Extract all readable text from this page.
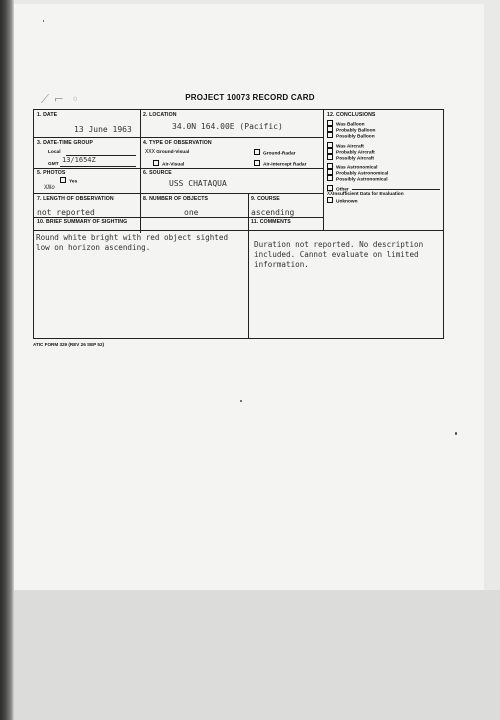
⁄ ⌐ ◦	PROJECT 10073 RECORD CARD
1. DATE
13 June 1963
2. LOCATION
34.0N 164.00E (Pacific)
3. DATE-TIME GROUP
Local
GMT
13/1654Z
4. TYPE OF OBSERVATION
XXX Ground-Visual	Ground-Radar
Air-Visual	Air-Intercept Radar
5. PHOTOS
Yes
XNo
6. SOURCE
USS CHATAQUA
7. LENGTH OF OBSERVATION
not reported
8. NUMBER OF OBJECTS
one
9. COURSE
ascending
10. BRIEF SUMMARY OF SIGHTING	11. COMMENTS
12. CONCLUSIONS
Was Balloon
Probably Balloon
Possibly Balloon
Was Aircraft
Probably Aircraft
Possibly Aircraft
Was Astronomical
Probably Astronomical
Possibly Astronomical
Other
XXInsufficient Data for Evaluation
Unknown
Round white bright with red object sighted
low on horizon ascending.	Duration not reported. No description
included. Cannot evaluate on limited
information.
ATIC FORM 329 (REV 26 SEP 52)
